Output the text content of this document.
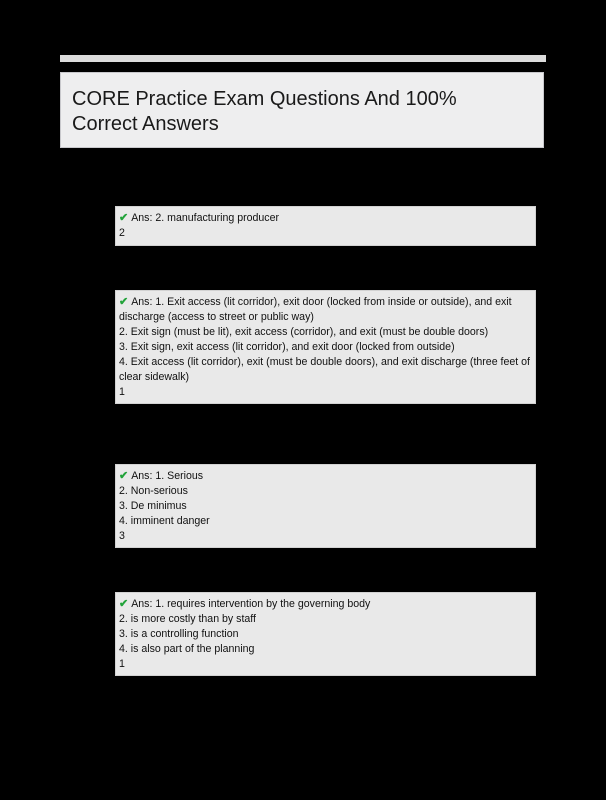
CORE Practice Exam Questions And 100% Correct Answers
✔ Ans: 2. manufacturing producer
2
✔ Ans: 1. Exit access (lit corridor), exit door (locked from inside or outside), and exit discharge (access to street or public way)
2. Exit sign (must be lit), exit access (corridor), and exit (must be double doors)
3. Exit sign, exit access (lit corridor), and exit door (locked from outside)
4. Exit access (lit corridor), exit (must be double doors), and exit discharge (three feet of clear sidewalk)
1
✔ Ans: 1. Serious
2. Non-serious
3. De minimus
4. imminent danger
3
✔ Ans: 1. requires intervention by the governing body
2. is more costly than by staff
3. is a controlling function
4. is also part of the planning
1
